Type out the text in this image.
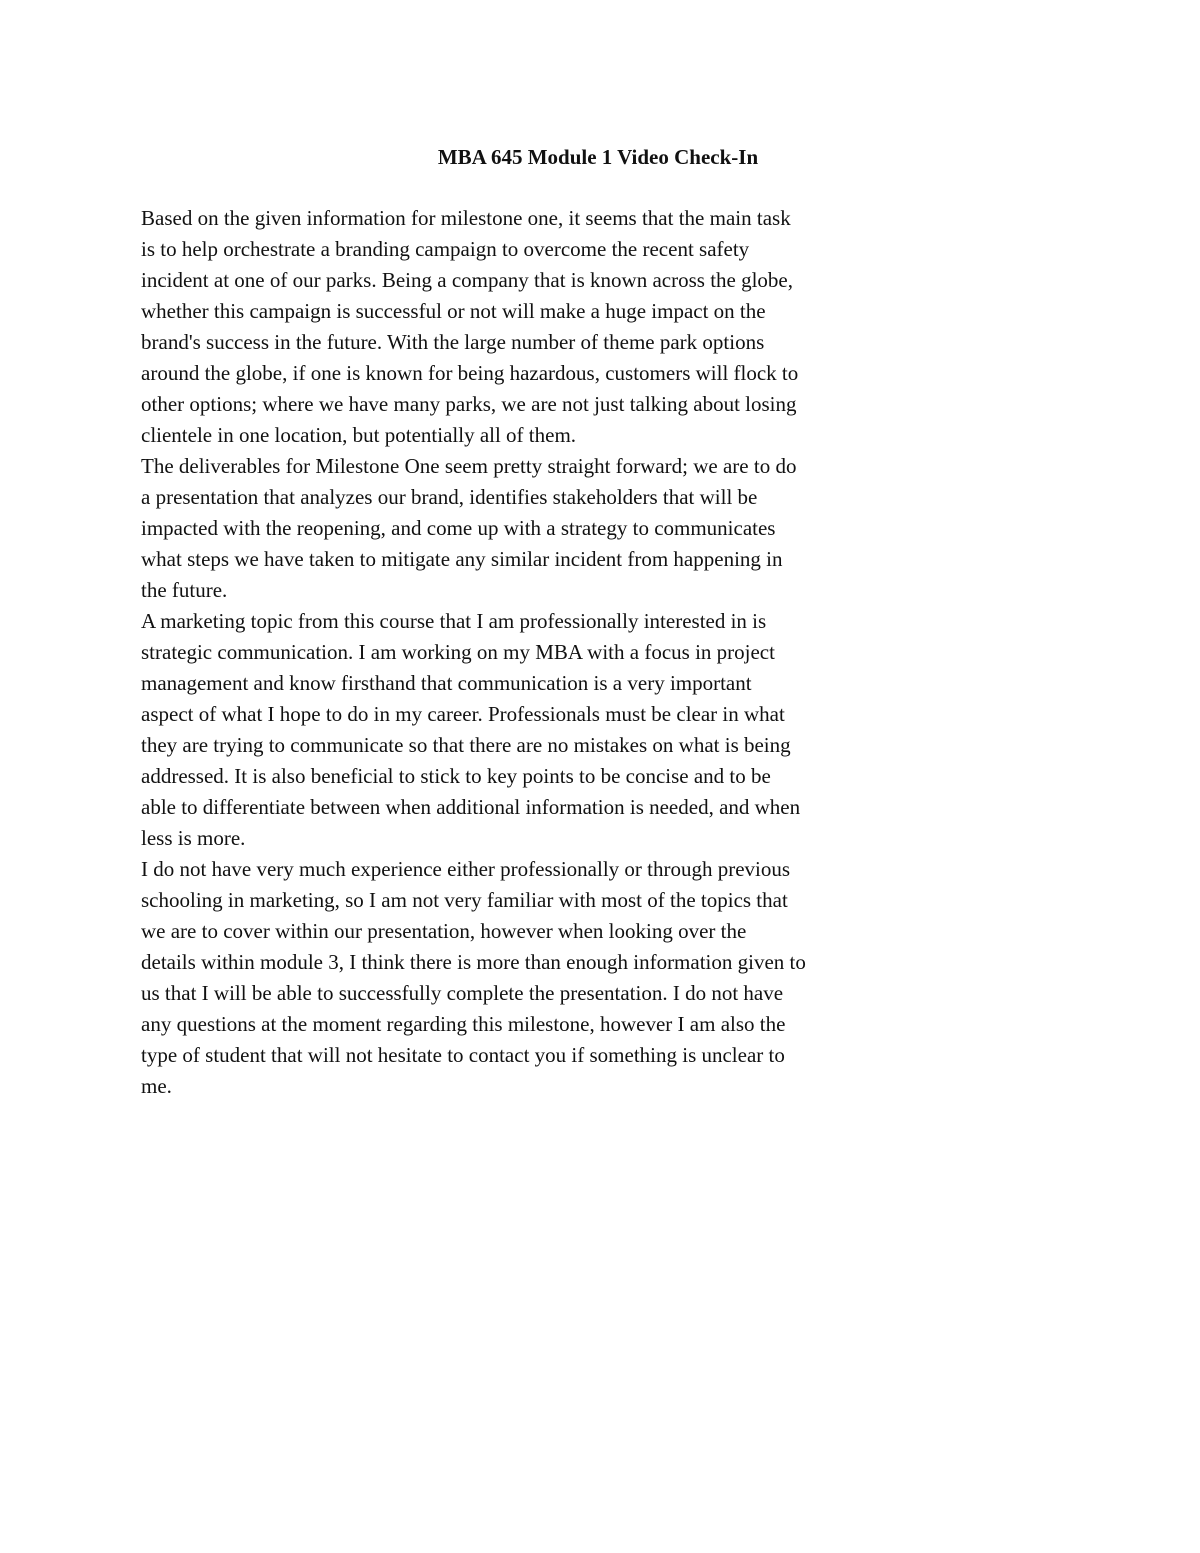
MBA 645 Module 1 Video Check-In
Based on the given information for milestone one, it seems that the main task
is to help orchestrate a branding campaign to overcome the recent safety
incident at one of our parks. Being a company that is known across the globe,
whether this campaign is successful or not will make a huge impact on the
brand's success in the future. With the large number of theme park options
around the globe, if one is known for being hazardous, customers will flock to
other options; where we have many parks, we are not just talking about losing
clientele in one location, but potentially all of them.
The deliverables for Milestone One seem pretty straight forward; we are to do
a presentation that analyzes our brand, identifies stakeholders that will be
impacted with the reopening, and come up with a strategy to communicates
what steps we have taken to mitigate any similar incident from happening in
the future.
A marketing topic from this course that I am professionally interested in is
strategic communication. I am working on my MBA with a focus in project
management and know firsthand that communication is a very important
aspect of what I hope to do in my career. Professionals must be clear in what
they are trying to communicate so that there are no mistakes on what is being
addressed. It is also beneficial to stick to key points to be concise and to be
able to differentiate between when additional information is needed, and when
less is more.
I do not have very much experience either professionally or through previous
schooling in marketing, so I am not very familiar with most of the topics that
we are to cover within our presentation, however when looking over the
details within module 3, I think there is more than enough information given to
us that I will be able to successfully complete the presentation. I do not have
any questions at the moment regarding this milestone, however I am also the
type of student that will not hesitate to contact you if something is unclear to
me.
